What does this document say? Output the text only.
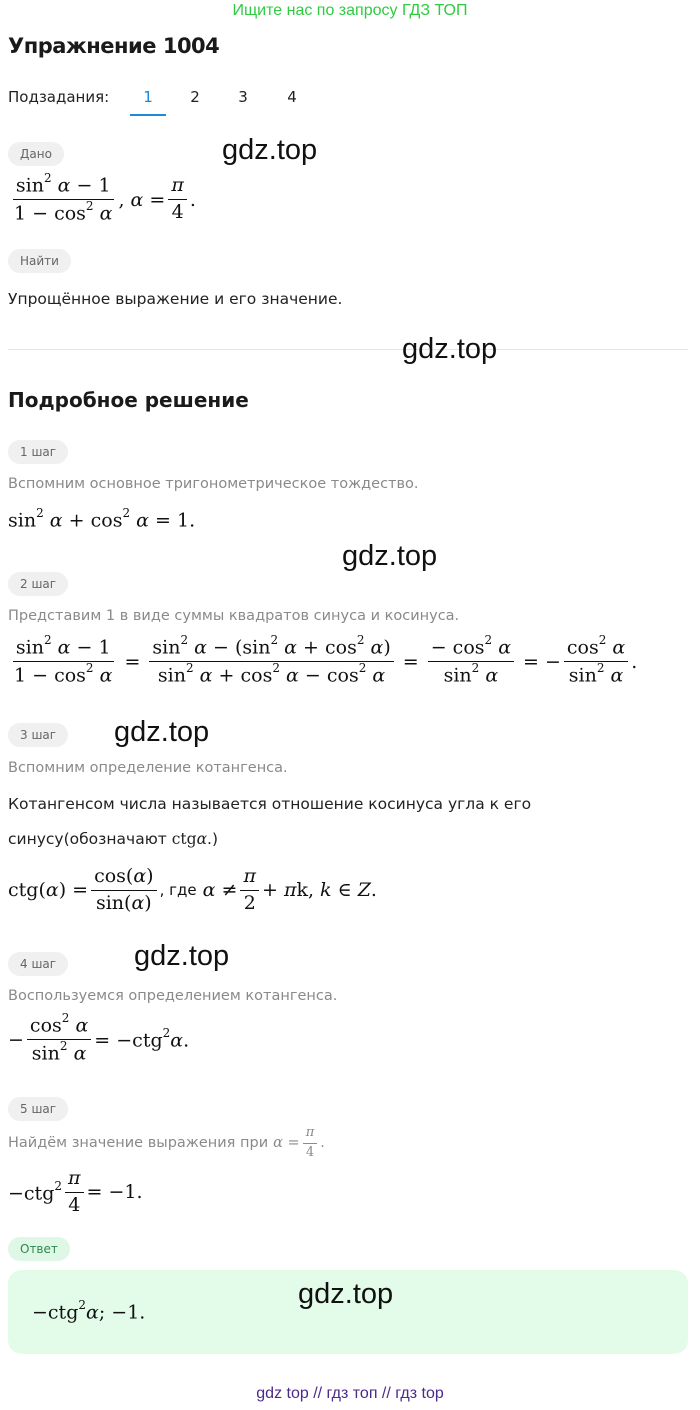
Ищите нас по запросу ГДЗ ТОП
Упражнение 1004
Подзадания:	1	2	3	4
Дано	gdz.top
$\frac{\sin^2 \alpha - 1}{1 - \cos^2 \alpha}$ , $\alpha = \frac{\pi}{4}$ .
Найти
Упрощённое выражение и его значение.
gdz.top
Подробное решение
1 шаг
Вспомним основное тригонометрическое тождество.
$\sin^2 \alpha + \cos^2 \alpha = 1$.
gdz.top
2 шаг
Представим 1 в виде суммы квадратов синуса и косинуса.
$\frac{\sin^2 \alpha - 1}{1 - \cos^2 \alpha} = \frac{\sin^2 \alpha - (\sin^2 \alpha + \cos^2 \alpha)}{\sin^2 \alpha + \cos^2 \alpha - \cos^2 \alpha} = \frac{- \cos^2 \alpha}{\sin^2 \alpha}$ = − $\frac{\cos^2 \alpha}{\sin^2 \alpha}$ .
3 шаг	gdz.top
Вспомним определение котангенса.
Котангенсом числа называется отношение косинуса угла к его
синусу(обозначают ctgα.)
$ctg(\alpha) = \frac{\cos(\alpha)}{\sin(\alpha)}$ , где $\alpha \ne \frac{\pi}{2} + \pi k$, k ∈ Z.
4 шаг	gdz.top
Воспользуемся определением котангенса.
− $\frac{\cos^2 \alpha}{\sin^2 \alpha} = -ctg^2\alpha$.
5 шаг
Найдём значение выражения при $\alpha = \frac{\pi}{4}$ .
$-ctg^2 \frac{\pi}{4} = -1$.
Ответ
−ctg$^2$α; −1.
gdz.top
gdz top // гдз топ // гдз top
